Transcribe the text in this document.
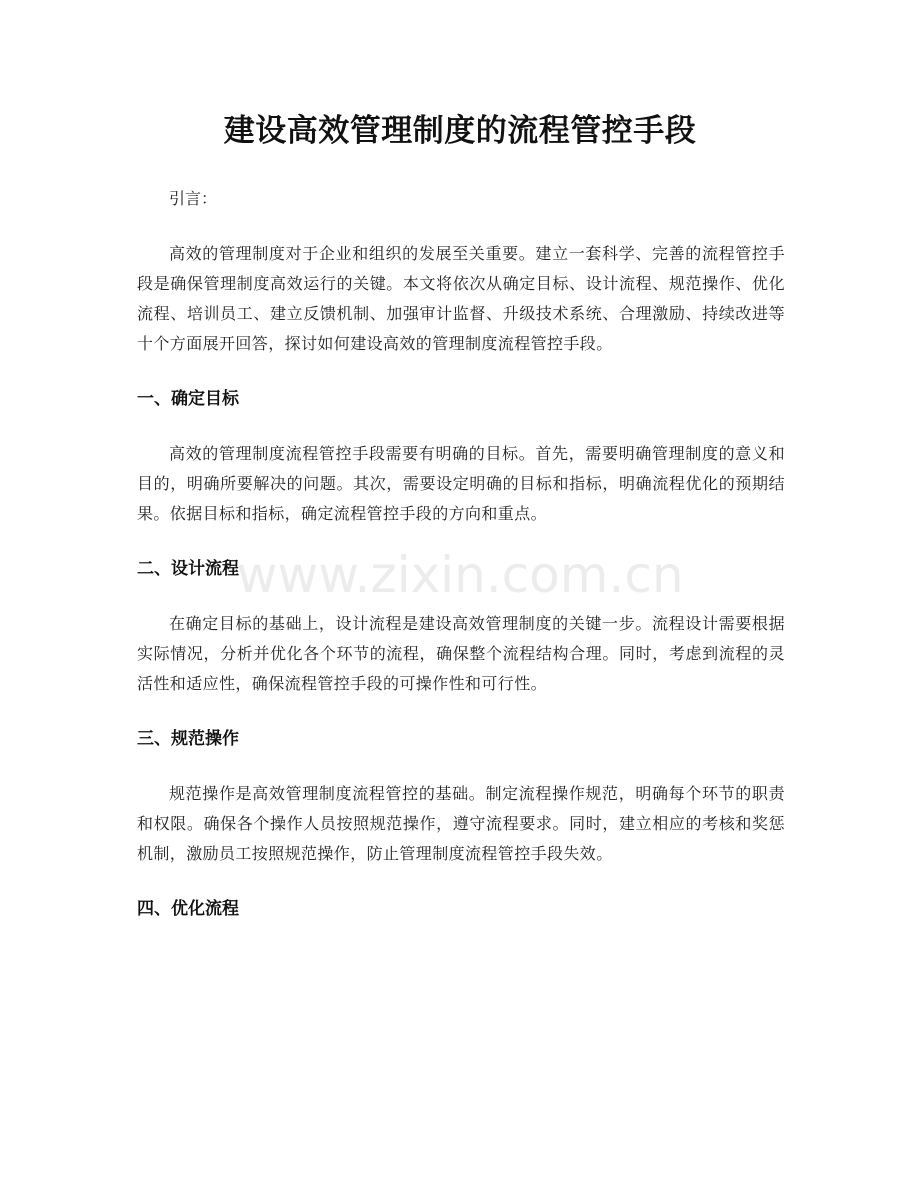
建设高效管理制度的流程管控手段

引言：

高效的管理制度对于企业和组织的发展至关重要。建立一套科学、完善的流程管控手段是确保管理制度高效运行的关键。本文将依次从确定目标、设计流程、规范操作、优化流程、培训员工、建立反馈机制、加强审计监督、升级技术系统、合理激励、持续改进等十个方面展开回答，探讨如何建设高效的管理制度流程管控手段。

一、确定目标

高效的管理制度流程管控手段需要有明确的目标。首先，需要明确管理制度的意义和目的，明确所要解决的问题。其次，需要设定明确的目标和指标，明确流程优化的预期结果。依据目标和指标，确定流程管控手段的方向和重点。

二、设计流程

在确定目标的基础上，设计流程是建设高效管理制度的关键一步。流程设计需要根据实际情况，分析并优化各个环节的流程，确保整个流程结构合理。同时，考虑到流程的灵活性和适应性，确保流程管控手段的可操作性和可行性。

三、规范操作

规范操作是高效管理制度流程管控的基础。制定流程操作规范，明确每个环节的职责和权限。确保各个操作人员按照规范操作，遵守流程要求。同时，建立相应的考核和奖惩机制，激励员工按照规范操作，防止管理制度流程管控手段失效。

四、优化流程
www.zixin.com.cn
